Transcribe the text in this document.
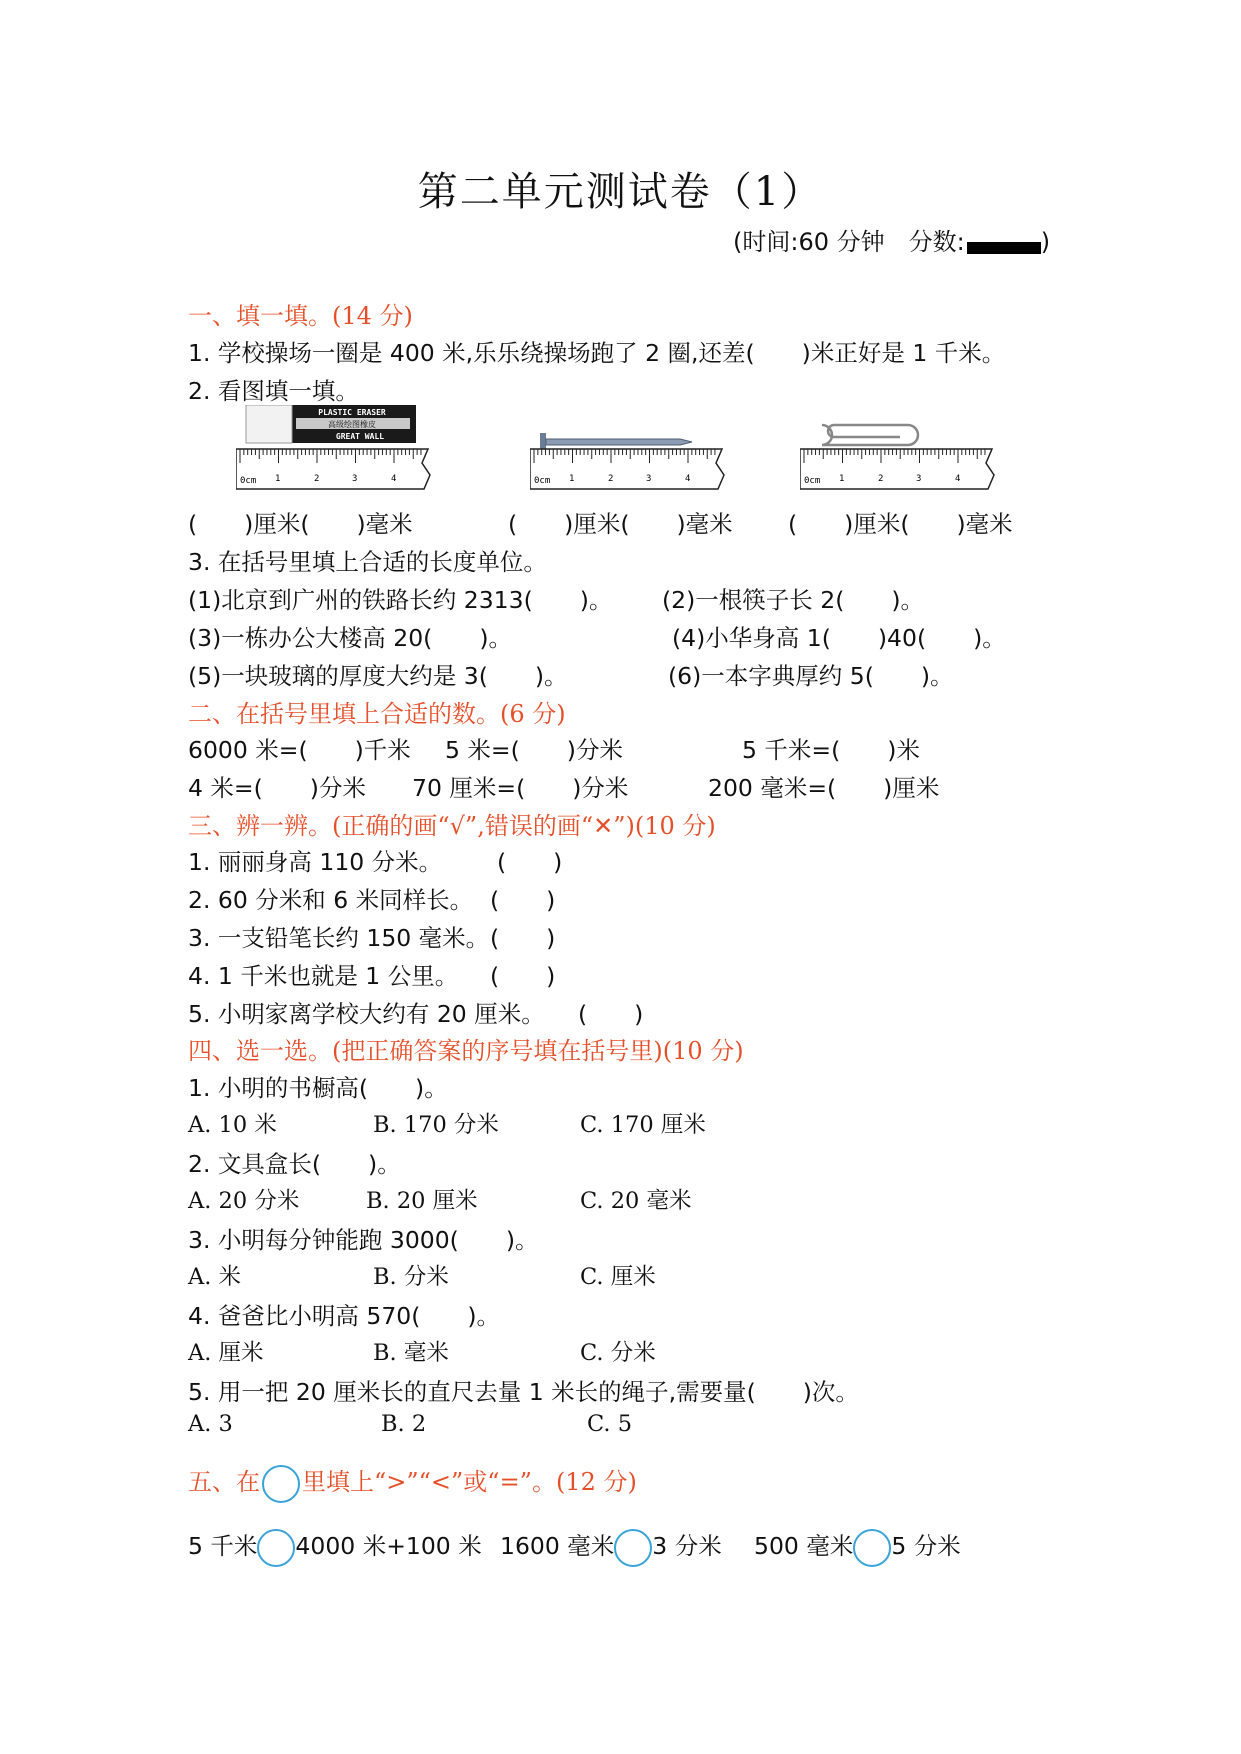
第二单元测试卷（1）
(时间:60 分钟　分数:	)
一、填一填。(14 分)
1. 学校操场一圈是 400 米,乐乐绕操场跑了 2 圈,还差(　　)米正好是 1 千米。
2. 看图填一填。
PLASTIC ERASER
高级绘图橡皮
GREAT WALL
0cm 1	2	3	4	0cm 1	2	3	4	0cm 1	2	3	4
(　　)厘米(　　)毫米	(　　)厘米(　　)毫米 (　　)厘米(　　)毫米
3. 在括号里填上合适的长度单位。
(1)北京到广州的铁路长约 2313(　　)。 (2)一根筷子长 2(　　)。
(3)一栋办公大楼高 20(　　)。	(4)小华身高 1(　　)40(　　)。
(5)一块玻璃的厚度大约是 3(　　)。	(6)一本字典厚约 5(　　)。
二、在括号里填上合适的数。(6 分)
6000 米=(　　)千米 5 米=(　　)分米	5 千米=(　　)米
4 米=(　　)分米 70 厘米=(　　)分米	200 毫米=(　　)厘米
三、辨一辨。(正确的画“√”,错误的画“✕”)(10 分)
1. 丽丽身高 110 分米。 (　　)
2. 60 分米和 6 米同样长。 (　　)
3. 一支铅笔长约 150 毫米。 (　　)
4. 1 千米也就是 1 公里。 (　　)
5. 小明家离学校大约有 20 厘米。 (　　)
四、选一选。(把正确答案的序号填在括号里)(10 分)
1. 小明的书橱高(　　)。
A. 10 米	B. 170 分米	C. 170 厘米
2. 文具盒长(　　)。
A. 20 分米	B. 20 厘米	C. 20 毫米
3. 小明每分钟能跑 3000(　　)。
A. 米	B. 分米	C. 厘米
4. 爸爸比小明高 570(　　)。
A. 厘米	B. 毫米	C. 分米
5. 用一把 20 厘米长的直尺去量 1 米长的绳子,需要量(　　)次。
A. 3	B. 2	C. 5
五、在 里填上“>”“<”或“=”。(12 分)
5 千米 4000 米+100 米 1600 毫米 3 分米 500 毫米 5 分米
